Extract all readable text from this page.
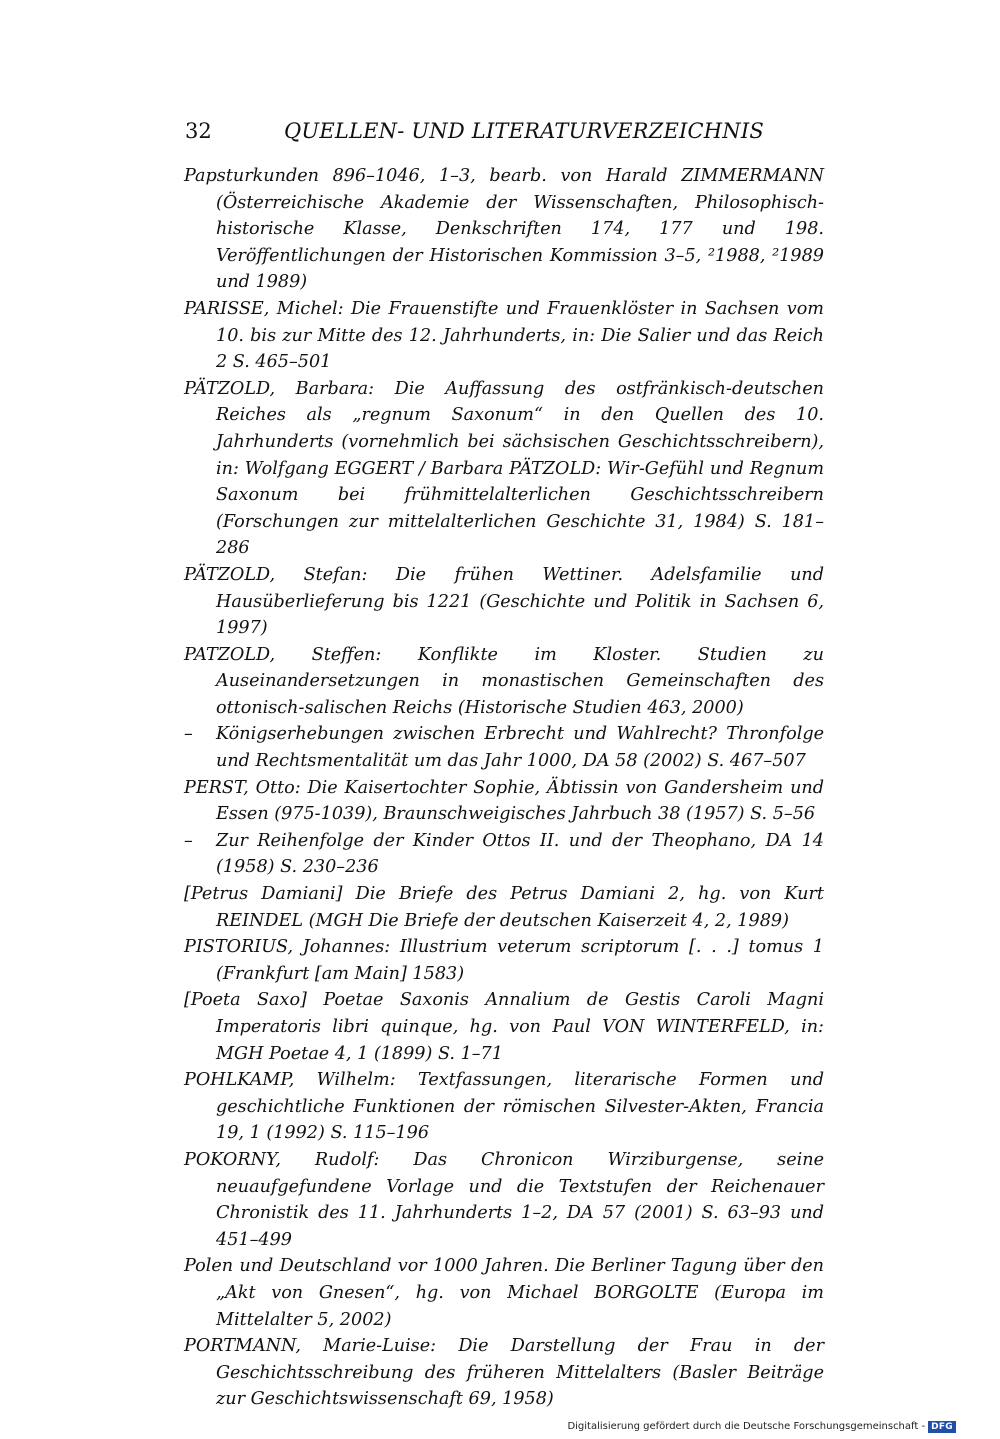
32	QUELLEN- UND LITERATURVERZEICHNIS

Papsturkunden 896–1046, 1–3, bearb. von Harald ZIMMERMANN (Österreichische Akademie der Wissenschaften, Philosophisch-historische Klasse, Denkschriften 174, 177 und 198. Veröffentlichungen der Historischen Kommission 3–5, ²1988, ²1989 und 1989)

PARISSE, Michel: Die Frauenstifte und Frauenklöster in Sachsen vom 10. bis zur Mitte des 12. Jahrhunderts, in: Die Salier und das Reich 2 S. 465–501

PÄTZOLD, Barbara: Die Auffassung des ostfränkisch-deutschen Reiches als „regnum Saxonum“ in den Quellen des 10. Jahrhunderts (vornehmlich bei sächsischen Geschichtsschreibern), in: Wolfgang EGGERT / Barbara PÄTZOLD: Wir-Gefühl und Regnum Saxonum bei frühmittelalterlichen Geschichtsschreibern (Forschungen zur mittelalterlichen Geschichte 31, 1984) S. 181–286

PÄTZOLD, Stefan: Die frühen Wettiner. Adelsfamilie und Hausüberlieferung bis 1221 (Geschichte und Politik in Sachsen 6, 1997)

PATZOLD, Steffen: Konflikte im Kloster. Studien zu Auseinandersetzungen in monastischen Gemeinschaften des ottonisch-salischen Reichs (Historische Studien 463, 2000)

– Königserhebungen zwischen Erbrecht und Wahlrecht? Thronfolge und Rechtsmentalität um das Jahr 1000, DA 58 (2002) S. 467–507

PERST, Otto: Die Kaisertochter Sophie, Äbtissin von Gandersheim und Essen (975-1039), Braunschweigisches Jahrbuch 38 (1957) S. 5–56

– Zur Reihenfolge der Kinder Ottos II. und der Theophano, DA 14 (1958) S. 230–236

[Petrus Damiani] Die Briefe des Petrus Damiani 2, hg. von Kurt REINDEL (MGH Die Briefe der deutschen Kaiserzeit 4, 2, 1989)

PISTORIUS, Johannes: Illustrium veterum scriptorum [. . .] tomus 1 (Frankfurt [am Main] 1583)

[Poeta Saxo] Poetae Saxonis Annalium de Gestis Caroli Magni Imperatoris libri quinque, hg. von Paul VON WINTERFELD, in: MGH Poetae 4, 1 (1899) S. 1–71

POHLKAMP, Wilhelm: Textfassungen, literarische Formen und geschichtliche Funktionen der römischen Silvester-Akten, Francia 19, 1 (1992) S. 115–196

POKORNY, Rudolf: Das Chronicon Wirziburgense, seine neuaufgefundene Vorlage und die Textstufen der Reichenauer Chronistik des 11. Jahrhunderts 1–2, DA 57 (2001) S. 63–93 und 451–499

Polen und Deutschland vor 1000 Jahren. Die Berliner Tagung über den „Akt von Gnesen“, hg. von Michael BORGOLTE (Europa im Mittelalter 5, 2002)

PORTMANN, Marie-Luise: Die Darstellung der Frau in der Geschichtsschreibung des früheren Mittelalters (Basler Beiträge zur Geschichtswissenschaft 69, 1958)

Digitalisierung gefördert durch die Deutsche Forschungsgemeinschaft - DFG
